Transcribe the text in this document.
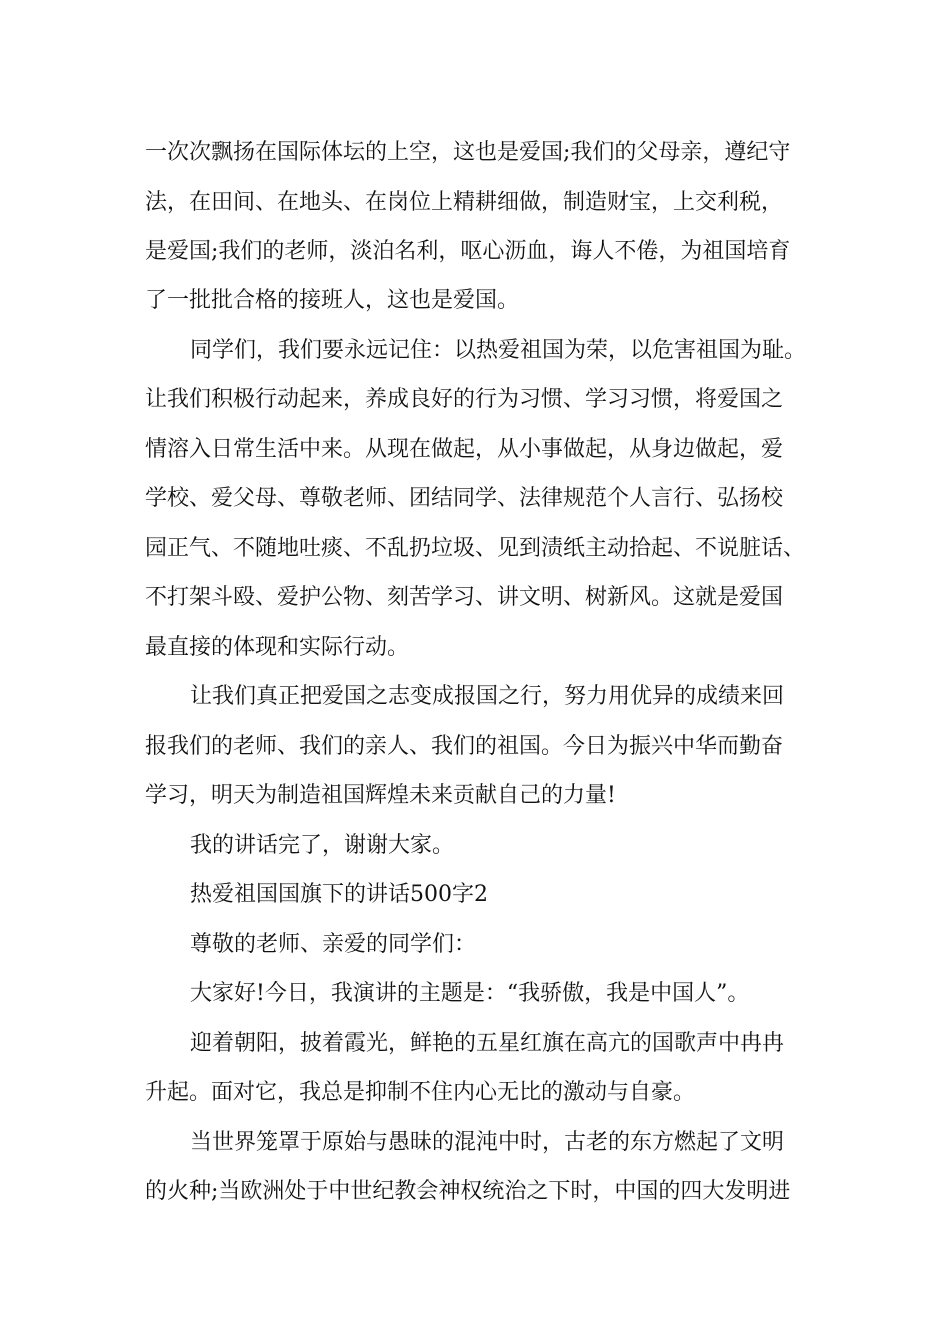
一次次飘扬在国际体坛的上空，这也是爱国;我们的父母亲，遵纪守
法，在田间、在地头、在岗位上精耕细做，制造财宝，上交利税，
是爱国;我们的老师，淡泊名利，呕心沥血，诲人不倦，为祖国培育
了一批批合格的接班人，这也是爱国。
同学们，我们要永远记住：以热爱祖国为荣，以危害祖国为耻。
让我们积极行动起来，养成良好的行为习惯、学习习惯，将爱国之
情溶入日常生活中来。从现在做起，从小事做起，从身边做起，爱
学校、爱父母、尊敬老师、团结同学、法律规范个人言行、弘扬校
园正气、不随地吐痰、不乱扔垃圾、见到渍纸主动拾起、不说脏话、
不打架斗殴、爱护公物、刻苦学习、讲文明、树新风。这就是爱国
最直接的体现和实际行动。
让我们真正把爱国之志变成报国之行，努力用优异的成绩来回
报我们的老师、我们的亲人、我们的祖国。今日为振兴中华而勤奋
学习，明天为制造祖国辉煌未来贡献自己的力量!
我的讲话完了，谢谢大家。
热爱祖国国旗下的讲话500字2
尊敬的老师、亲爱的同学们：
大家好!今日，我演讲的主题是：“我骄傲，我是中国人”。
迎着朝阳，披着霞光，鲜艳的五星红旗在高亢的国歌声中冉冉
升起。面对它，我总是抑制不住内心无比的激动与自豪。
当世界笼罩于原始与愚昧的混沌中时，古老的东方燃起了文明
的火种;当欧洲处于中世纪教会神权统治之下时，中国的四大发明进
